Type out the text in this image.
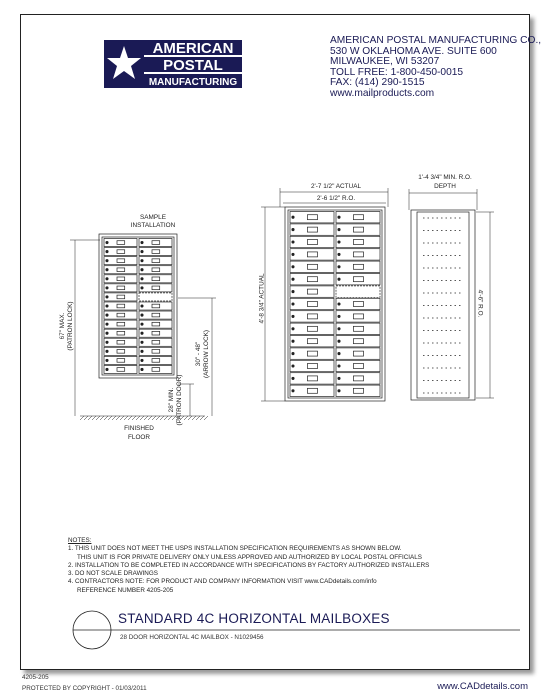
AMERICAN
POSTAL
MANUFACTURING
AMERICAN POSTAL MANUFACTURING CO.,
530 W OKLAHOMA AVE. SUITE 600
MILWAUKEE, WI 53207
TOLL FREE: 1-800-450-0015
FAX: (414) 290-1515
www.mailproducts.com
SAMPLE
INSTALLATION
67" MAX.
(PATRON LOCK)
30" - 48"
(ARROW LOCK)
28" MIN.
(PATRON DOOR)
FINISHED
FLOOR
2'-7 1/2" ACTUAL
2'-6 1/2" R.O.
4'-8 3/4" ACTUAL
1'-4 3/4" MIN. R.O.
DEPTH
4'-6" R.O.
NOTES:
1. THIS UNIT DOES NOT MEET THE USPS INSTALLATION SPECIFICATION REQUIREMENTS AS SHOWN BELOW.
THIS UNIT IS FOR PRIVATE DELIVERY ONLY UNLESS APPROVED AND AUTHORIZED BY LOCAL POSTAL OFFICIALS
2. INSTALLATION TO BE COMPLETED IN ACCORDANCE WITH SPECIFICATIONS BY FACTORY AUTHORIZED INSTALLERS
3. DO NOT SCALE DRAWINGS
4. CONTRACTORS NOTE: FOR PRODUCT AND COMPANY INFORMATION VISIT www.CADdetails.com/info
REFERENCE NUMBER 4205-205
STANDARD 4C HORIZONTAL MAILBOXES
28 DOOR HORIZONTAL 4C MAILBOX - N1029456
4205-205
PROTECTED BY COPYRIGHT - 01/03/2011	www.CADdetails.com
